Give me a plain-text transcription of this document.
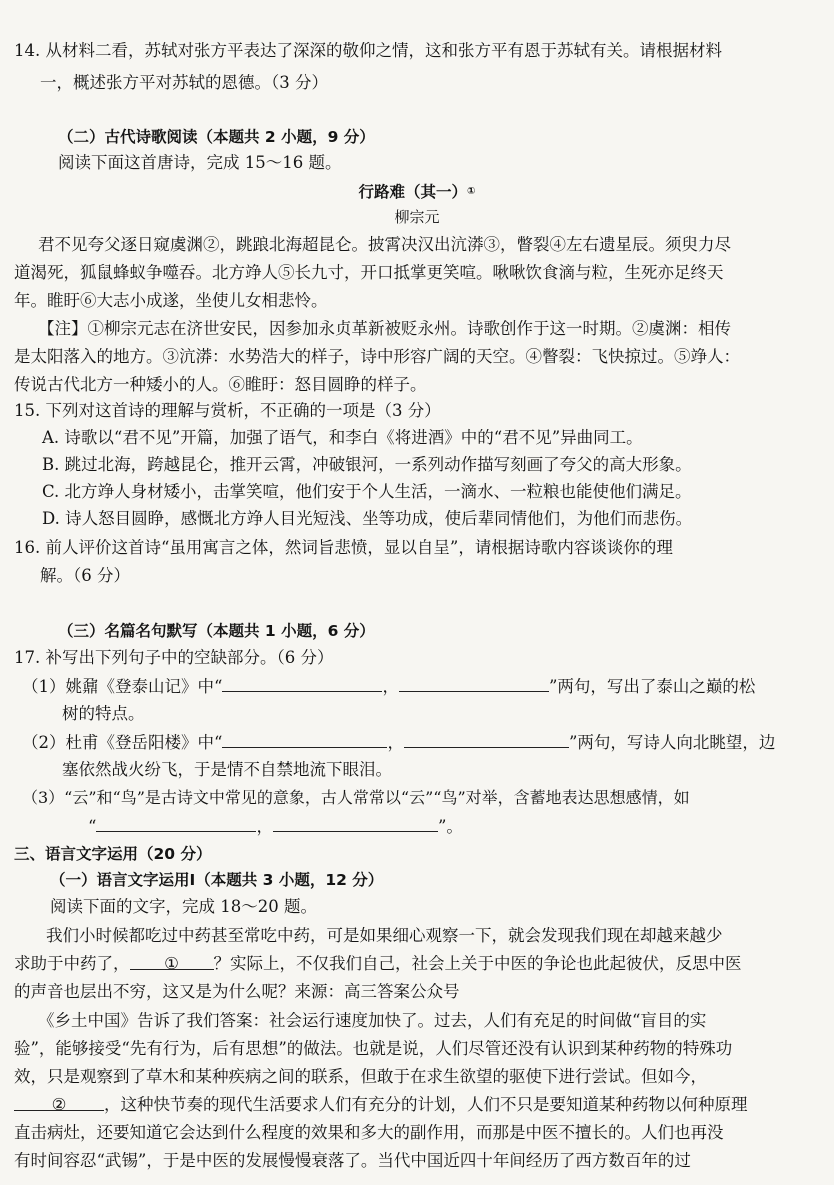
14. 从材料二看，苏轼对张方平表达了深深的敬仰之情，这和张方平有恩于苏轼有关。请根据材料
一，概述张方平对苏轼的恩德。（3 分）
（二）古代诗歌阅读（本题共 2 小题，9 分）
阅读下面这首唐诗，完成 15～16 题。
行路难（其一）①
柳宗元
君不见夸父逐日窥虞渊②，跳踉北海超昆仑。披霄决汉出沆漭③，瞥裂④左右遗星辰。须臾力尽
道渴死，狐鼠蜂蚁争噬吞。北方竫人⑤长九寸，开口抵掌更笑喧。啾啾饮食滴与粒，生死亦足终天
年。睢盱⑥大志小成遂，坐使儿女相悲怜。
【注】①柳宗元志在济世安民，因参加永贞革新被贬永州。诗歌创作于这一时期。②虞渊：相传
是太阳落入的地方。③沆漭：水势浩大的样子，诗中形容广阔的天空。④瞥裂：飞快掠过。⑤竫人：
传说古代北方一种矮小的人。⑥睢盱：怒目圆睁的样子。
15. 下列对这首诗的理解与赏析，不正确的一项是（3 分）
A. 诗歌以“君不见”开篇，加强了语气，和李白《将进酒》中的“君不见”异曲同工。
B. 跳过北海，跨越昆仑，推开云霄，冲破银河，一系列动作描写刻画了夸父的高大形象。
C. 北方竫人身材矮小，击掌笑喧，他们安于个人生活，一滴水、一粒粮也能使他们满足。
D. 诗人怒目圆睁，感慨北方竫人目光短浅、坐等功成，使后辈同情他们，为他们而悲伤。
16. 前人评价这首诗“虽用寓言之体，然词旨悲愤，显以自呈”，请根据诗歌内容谈谈你的理
解。（6 分）
（三）名篇名句默写（本题共 1 小题，6 分）
17. 补写出下列句子中的空缺部分。（6 分）
（1）姚鼐《登泰山记》中“	，	”两句，写出了泰山之巅的松
树的特点。
（2）杜甫《登岳阳楼》中“	，	”两句，写诗人向北眺望，边
塞依然战火纷飞，于是情不自禁地流下眼泪。
（3）“云”和“鸟”是古诗文中常见的意象，古人常常以“云”“鸟”对举，含蓄地表达思想感情，如
“	，	”。
三、语言文字运用（20 分）
（一）语言文字运用Ⅰ（本题共 3 小题，12 分）
阅读下面的文字，完成 18～20 题。
我们小时候都吃过中药甚至常吃中药，可是如果细心观察一下，就会发现我们现在却越来越少
求助于中药了， ① ？实际上，不仅我们自己，社会上关于中医的争论也此起彼伏，反思中医
的声音也层出不穷，这又是为什么呢？来源：高三答案公众号
《乡土中国》告诉了我们答案：社会运行速度加快了。过去，人们有充足的时间做“盲目的实
验”，能够接受“先有行为，后有思想”的做法。也就是说，人们尽管还没有认识到某种药物的特殊功
效，只是观察到了草木和某种疾病之间的联系，但敢于在求生欲望的驱使下进行尝试。但如今，
② ，这种快节奏的现代生活要求人们有充分的计划，人们不只是要知道某种药物以何种原理
直击病灶，还要知道它会达到什么程度的效果和多大的副作用，而那是中医不擅长的。人们也再没
有时间容忍“武锡”，于是中医的发展慢慢衰落了。当代中国近四十年间经历了西方数百年的过
